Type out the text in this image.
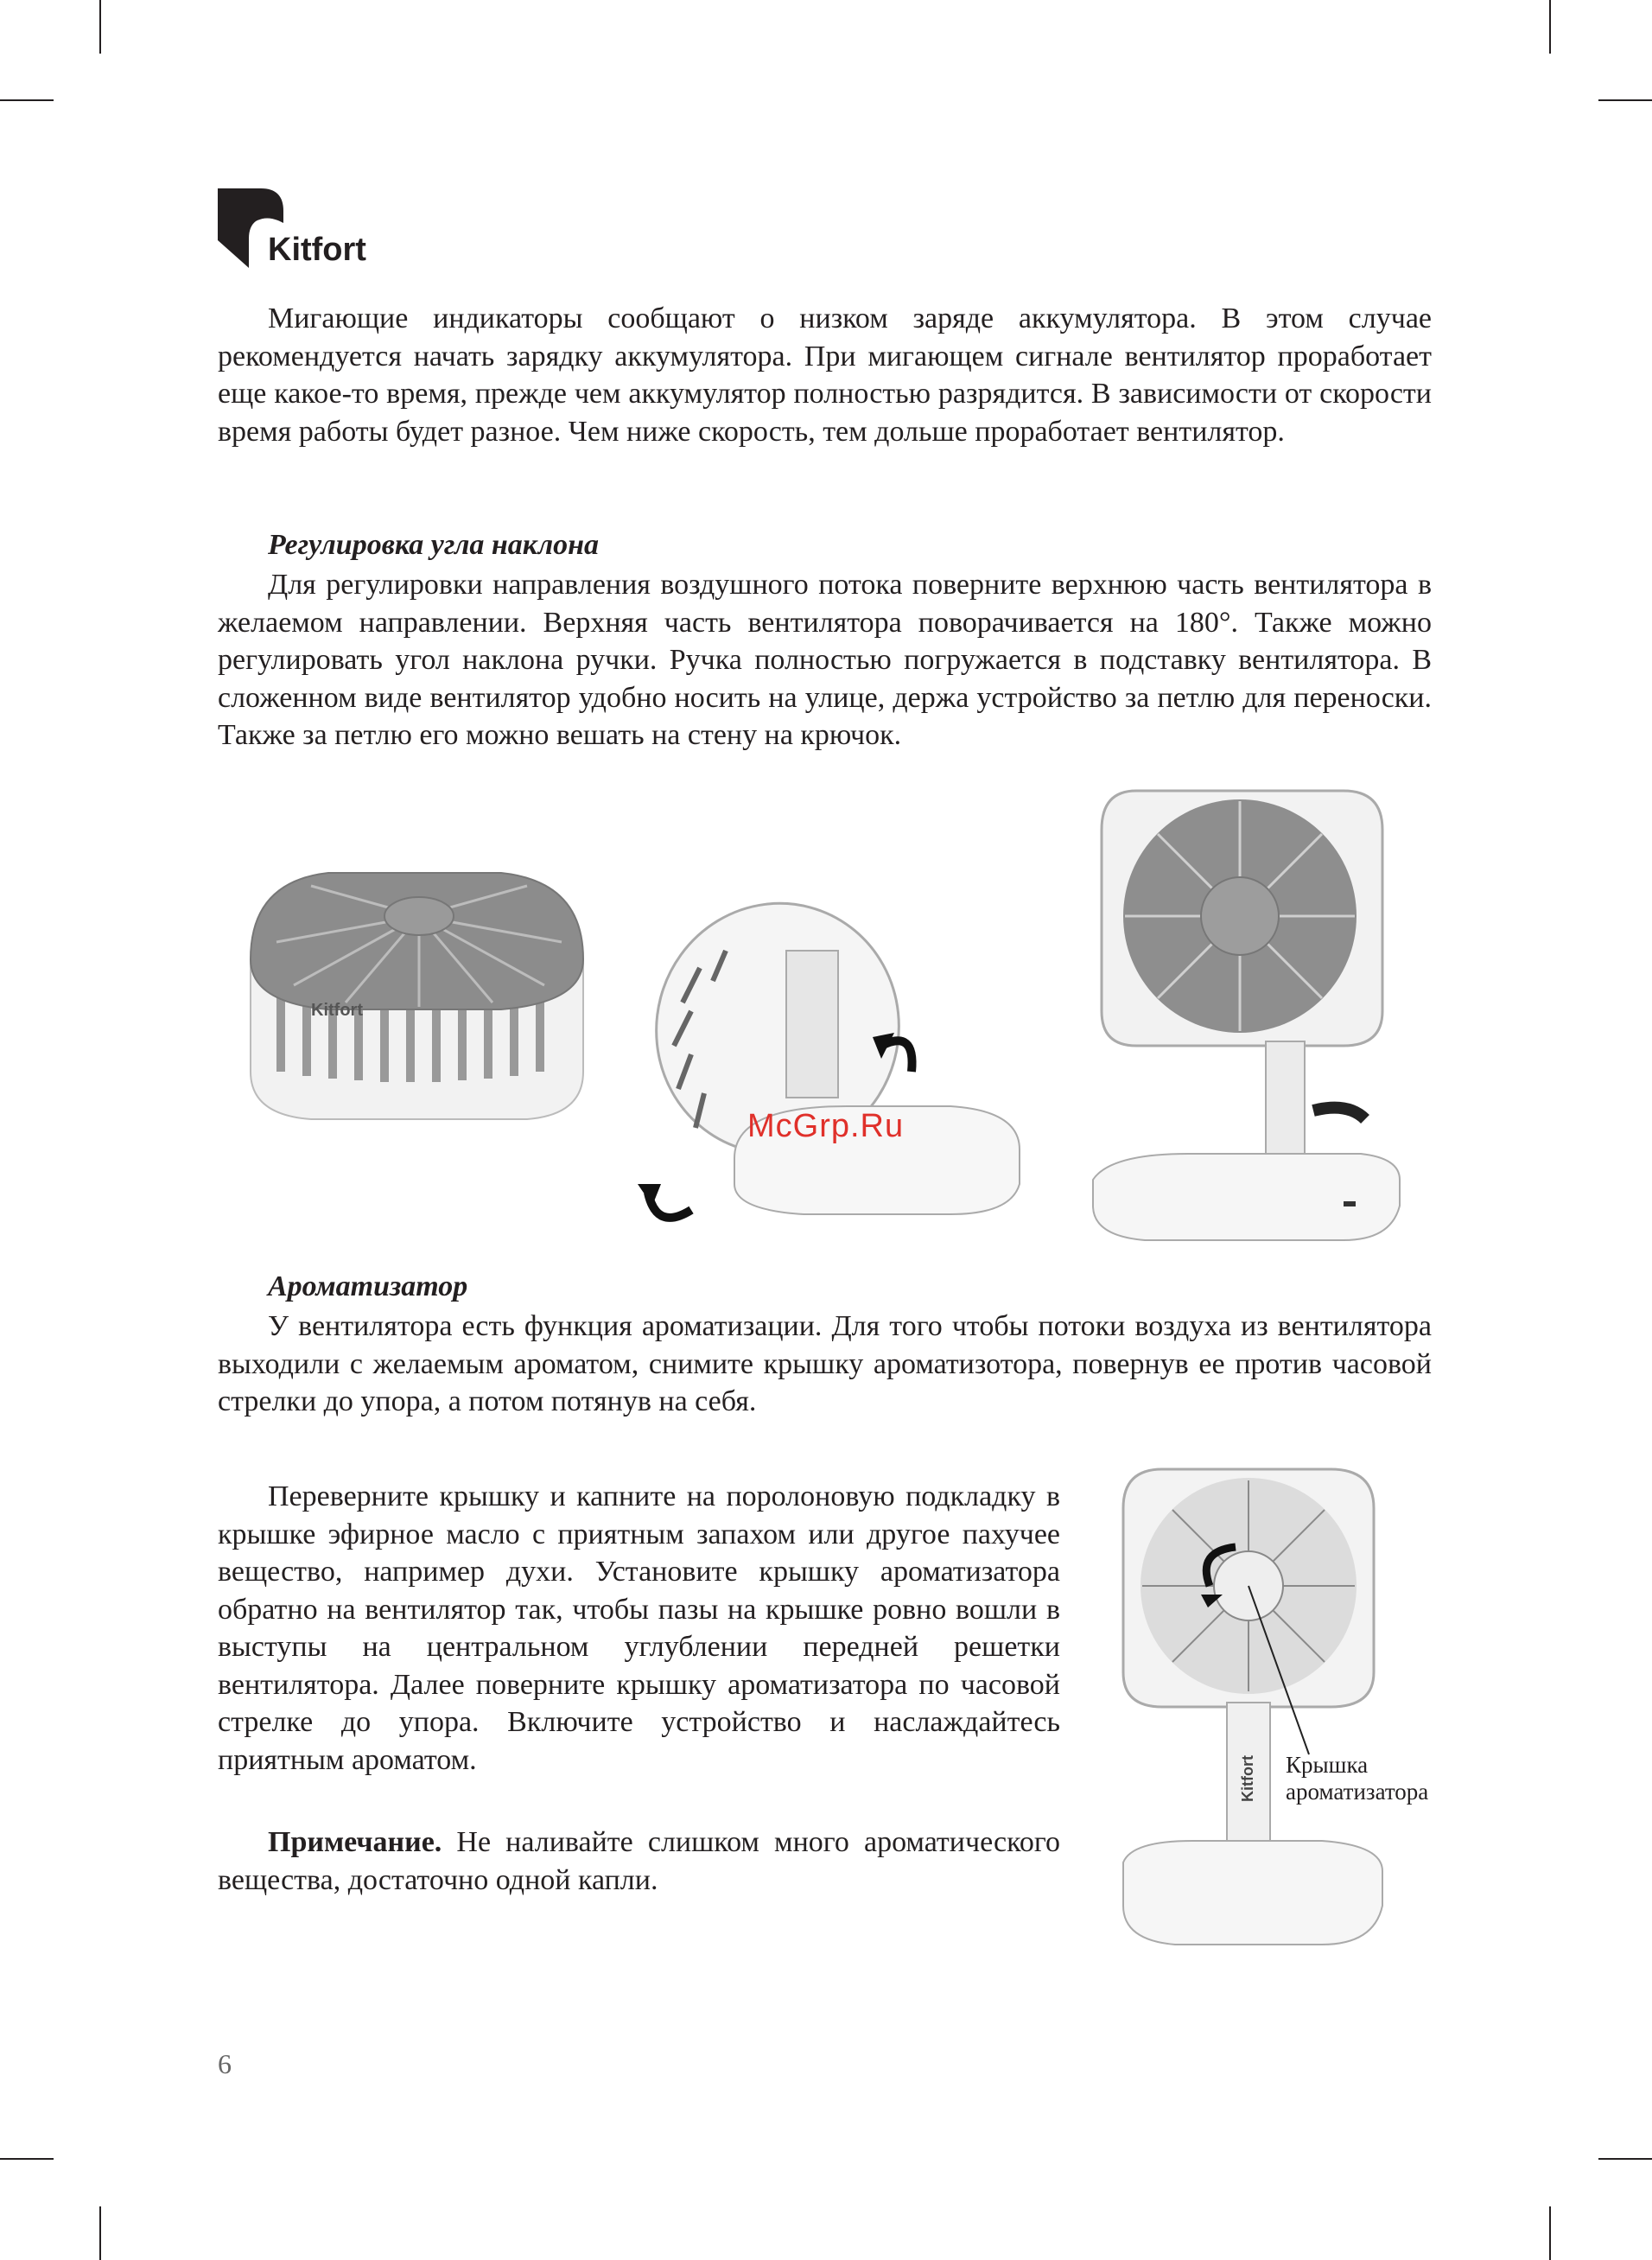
Kitfort

Мигающие индикаторы сообщают о низком заряде аккумулятора. В этом случае рекомендуется начать зарядку аккумулятора. При мигающем сигнале вентилятор проработает еще какое-то время, прежде чем аккумулятор полностью разрядится. В зависимости от скорости время работы будет разное. Чем ниже скорость, тем дольше проработает вентилятор.

Регулировка угла наклона

Для регулировки направления воздушного потока поверните верхнюю часть вентилятора в желаемом направлении. Верхняя часть вентилятора поворачивается на 180°. Также можно регулировать угол наклона ручки. Ручка полностью погружается в подставку вентилятора. В сложенном виде вентилятор удобно носить на улице, держа устройство за петлю для переноски. Также за петлю его можно вешать на стену на крючок.

Kitfort
McGrp.Ru

Ароматизатор

У вентилятора есть функция ароматизации. Для того чтобы потоки воздуха из вентилятора выходили с желаемым ароматом, снимите крышку ароматизотора, повернув ее против часовой стрелки до упора, а потом потянув на себя.

Переверните крышку и капните на поролоновую подкладку в крышке эфирное масло с приятным запахом или другое пахучее вещество, например духи. Установите крышку ароматизатора обратно на вентилятор так, чтобы пазы на крышке ровно вошли в выступы на центральном углублении передней решетки вентилятора. Далее поверните крышку ароматизатора по часовой стрелке до упора. Включите устройство и наслаждайтесь приятным ароматом.

Примечание. Не наливайте слишком много ароматического вещества, достаточно одной капли.

Kitfort Крышка
ароматизатора
6
